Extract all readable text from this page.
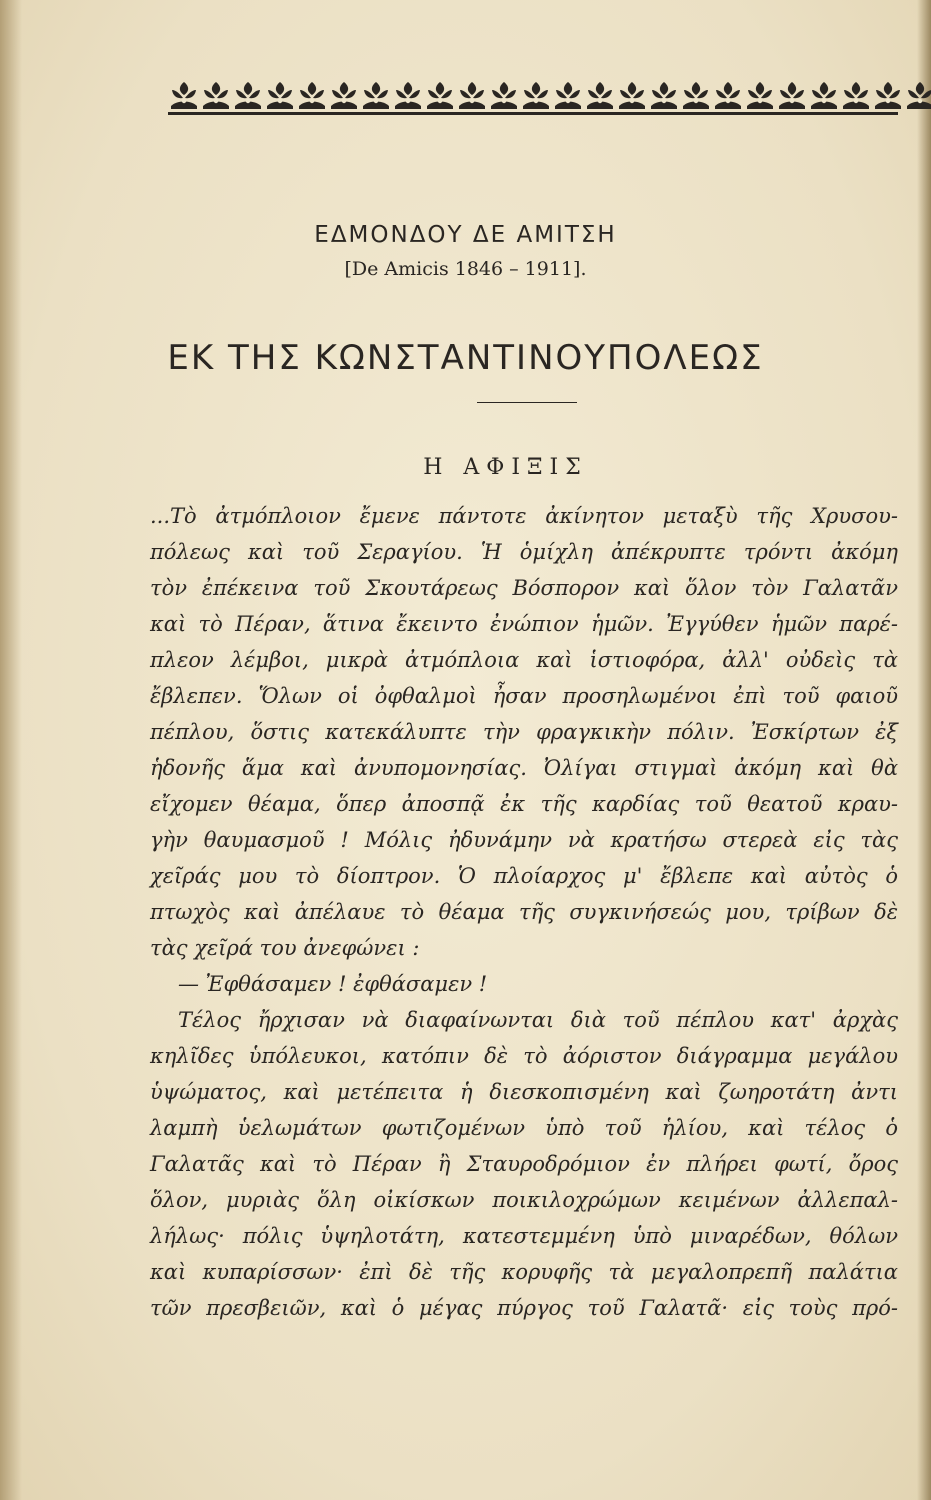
ΕΔΜΟΝΔΟΥ ΔΕ ΑΜΙΤΣΗ
[De Amicis 1846 – 1911].
ΕΚ ΤΗΣ ΚΩΝΣΤΑΝΤΙΝΟΥΠΟΛΕΩΣ
Η ΑΦΙΞΙΣ
...Τὸ ἀτμόπλοιον ἔμενε πάντοτε ἀκίνητον μεταξὺ τῆς Χρυσου-
πόλεως καὶ τοῦ Σεραγίου. Ἡ ὁμίχλη ἀπέκρυπτε τρόντι ἀκόμη
τὸν ἐπέκεινα τοῦ Σκουτάρεως Βόσπορον καὶ ὅλον τὸν Γαλατᾶν
καὶ τὸ Πέραν, ἅτινα ἔκειντο ἐνώπιον ἡμῶν. Ἐγγύθεν ἡμῶν παρέ-
πλεον λέμβοι, μικρὰ ἀτμόπλοια καὶ ἱστιοφόρα, ἀλλ' οὐδεὶς τὰ
ἔβλεπεν. Ὅλων οἱ ὀφθαλμοὶ ἦσαν προσηλωμένοι ἐπὶ τοῦ φαιοῦ
πέπλου, ὅστις κατεκάλυπτε τὴν φραγκικὴν πόλιν. Ἐσκίρτων ἐξ
ἡδονῆς ἅμα καὶ ἀνυπομονησίας. Ὀλίγαι στιγμαὶ ἀκόμη καὶ θὰ
εἴχομεν θέαμα, ὅπερ ἀποσπᾷ ἐκ τῆς καρδίας τοῦ θεατοῦ κραυ-
γὴν θαυμασμοῦ ! Μόλις ἠδυνάμην νὰ κρατήσω στερεὰ εἰς τὰς
χεῖράς μου τὸ δίοπτρον. Ὁ πλοίαρχος μ' ἔβλεπε καὶ αὐτὸς ὁ
πτωχὸς καὶ ἀπέλαυε τὸ θέαμα τῆς συγκινήσεώς μου, τρίβων δὲ
τὰς χεῖρά του ἀνεφώνει :
— Ἐφθάσαμεν ! ἐφθάσαμεν !
Τέλος ἤρχισαν νὰ διαφαίνωνται διὰ τοῦ πέπλου κατ' ἀρχὰς
κηλῖδες ὑπόλευκοι, κατόπιν δὲ τὸ ἀόριστον διάγραμμα μεγάλου
ὑψώματος, καὶ μετέπειτα ἡ διεσκοπισμένη καὶ ζωηροτάτη ἀντι
λαμπὴ ὑελωμάτων φωτιζομένων ὑπὸ τοῦ ἡλίου, καὶ τέλος ὁ
Γαλατᾶς καὶ τὸ Πέραν ἢ Σταυροδρόμιον ἐν πλήρει φωτί, ὄρος
ὅλον, μυριὰς ὅλη οἰκίσκων ποικιλοχρώμων κειμένων ἀλλεπαλ-
λήλως· πόλις ὑψηλοτάτη, κατεστεμμένη ὑπὸ μιναρέδων, θόλων
καὶ κυπαρίσσων· ἐπὶ δὲ τῆς κορυφῆς τὰ μεγαλοπρεπῆ παλάτια
τῶν πρεσβειῶν, καὶ ὁ μέγας πύργος τοῦ Γαλατᾶ· εἰς τοὺς πρό-
